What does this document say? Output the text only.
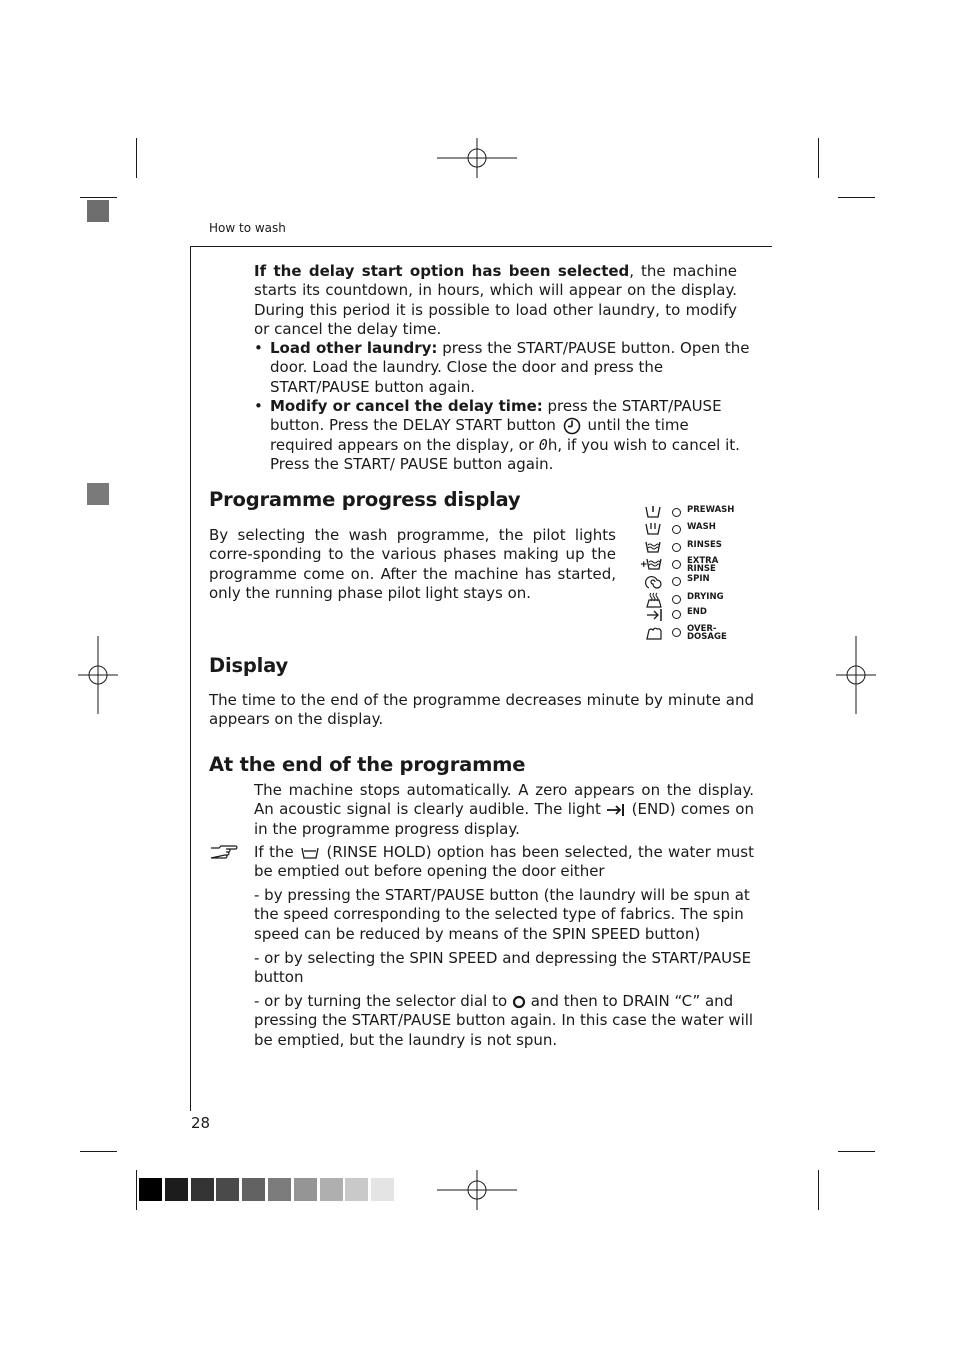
How to wash
If the delay start option has been selected, the machine starts its countdown, in hours, which will appear on the display. During this period it is possible to load other laundry, to modify or cancel the delay time.
• Load other laundry: press the START/PAUSE button. Open the door. Load the laundry. Close the door and press the START/PAUSE button again.
• Modify or cancel the delay time: press the START/PAUSE button. Press the DELAY START button  until the time required appears on the display, or 0h, if you wish to cancel it. Press the START/ PAUSE button again.
Programme progress display
By selecting the wash programme, the pilot lights corre-sponding to the various phases making up the programme come on. After the machine has started, only the running phase pilot light stays on.
PREWASH
WASH
RINSES
+	EXTRA RINSE
SPIN
DRYING
END
OVER-DOSAGE
Display
The time to the end of the programme decreases minute by minute and appears on the display.
At the end of the programme
The machine stops automatically. A zero appears on the display. An acoustic signal is clearly audible. The light  (END) comes on in the programme progress display.
If the  (RINSE HOLD) option has been selected, the water must be emptied out before opening the door either
- by pressing the START/PAUSE button (the laundry will be spun at the speed corresponding to the selected type of fabrics. The spin speed can be reduced by means of the SPIN SPEED button)
- or by selecting the SPIN SPEED and depressing the START/PAUSE button
- or by turning the selector dial to  and then to DRAIN “C” and pressing the START/PAUSE button again. In this case the water will be emptied, but the laundry is not spun.
28
